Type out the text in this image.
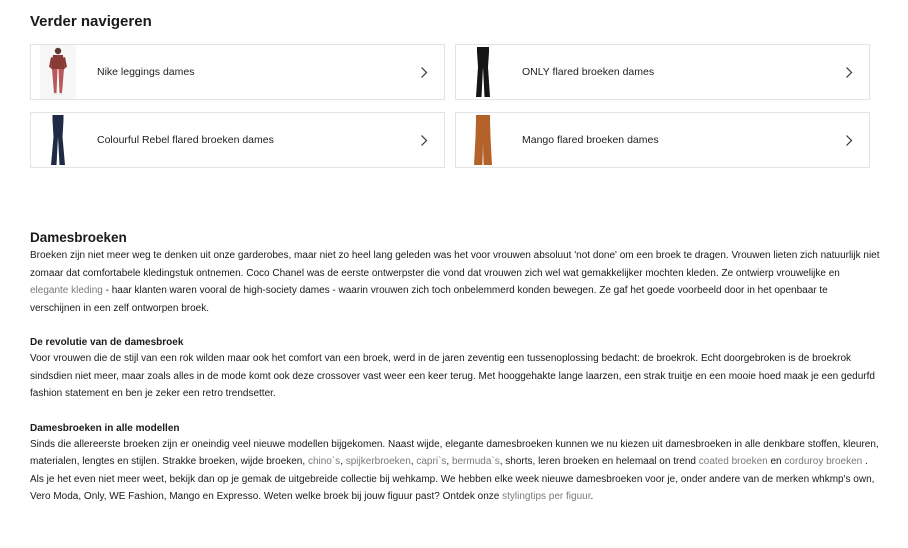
Verder navigeren
Nike leggings dames	ONLY flared broeken dames
Colourful Rebel flared broeken dames	Mango flared broeken dames
Damesbroeken

Broeken zijn niet meer weg te denken uit onze garderobes, maar niet zo heel lang geleden was het voor vrouwen absoluut 'not done' om een broek te dragen. Vrouwen lieten zich natuurlijk niet zomaar dat comfortabele kledingstuk ontnemen. Coco Chanel was de eerste ontwerpster die vond dat vrouwen zich wel wat gemakkelijker mochten kleden. Ze ontwierp vrouwelijke en elegante kleding - haar klanten waren vooral de high-society dames - waarin vrouwen zich toch onbelemmerd konden bewegen. Ze gaf het goede voorbeeld door in het openbaar te verschijnen in een zelf ontworpen broek.

De revolutie van de damesbroek

Voor vrouwen die de stijl van een rok wilden maar ook het comfort van een broek, werd in de jaren zeventig een tussenoplossing bedacht: de broekrok. Echt doorgebroken is de broekrok sindsdien niet meer, maar zoals alles in de mode komt ook deze crossover vast weer een keer terug. Met hooggehakte lange laarzen, een strak truitje en een mooie hoed maak je een gedurfd fashion statement en ben je zeker een retro trendsetter.

Damesbroeken in alle modellen

Sinds die allereerste broeken zijn er oneindig veel nieuwe modellen bijgekomen. Naast wijde, elegante damesbroeken kunnen we nu kiezen uit damesbroeken in alle denkbare stoffen, kleuren, materialen, lengtes en stijlen. Strakke broeken, wijde broeken, chino`s, spijkerbroeken, capri`s, bermuda`s, shorts, leren broeken en helemaal on trend coated broeken en corduroy broeken . Als je het even niet meer weet, bekijk dan op je gemak de uitgebreide collectie bij wehkamp. We hebben elke week nieuwe damesbroeken voor je, onder andere van de merken whkmp's own, Vero Moda, Only, WE Fashion, Mango en Expresso. Weten welke broek bij jouw figuur past? Ontdek onze stylingtips per figuur.
